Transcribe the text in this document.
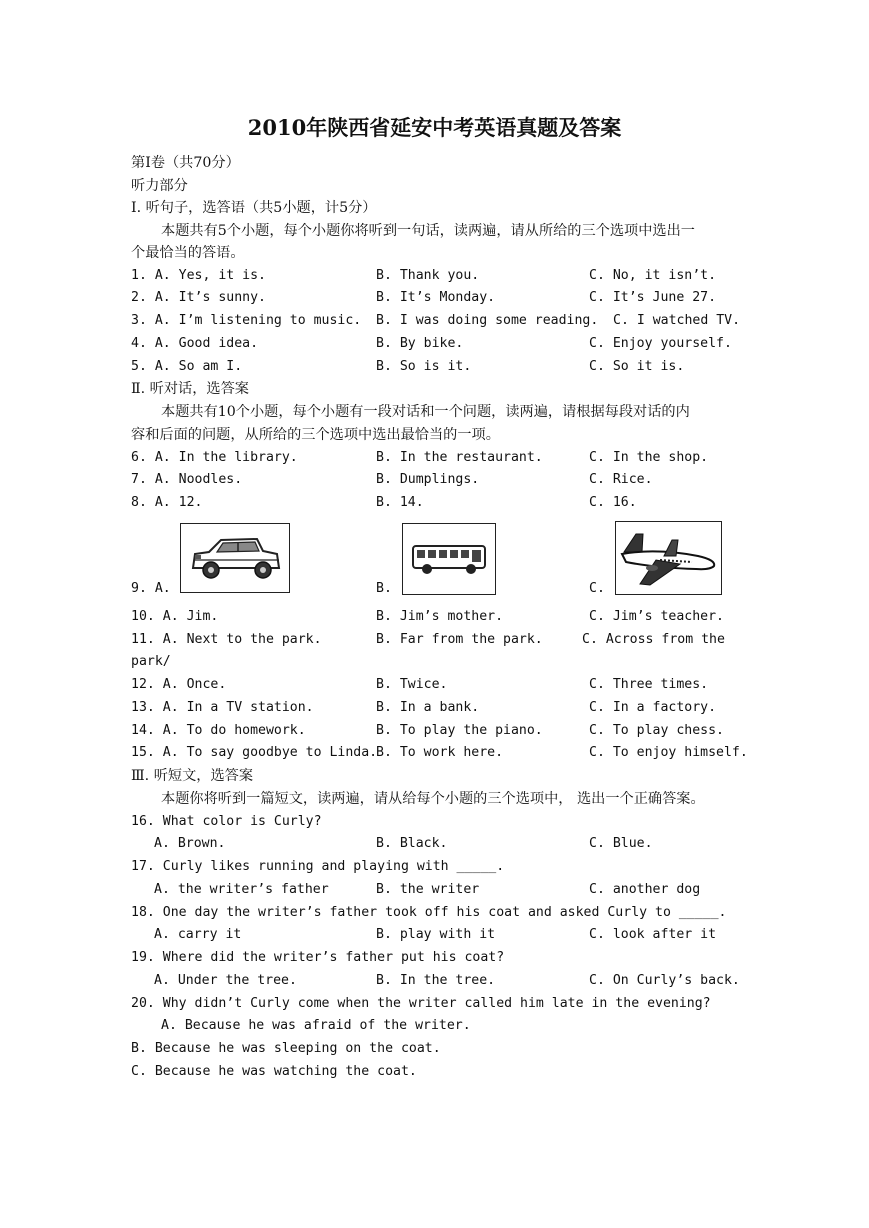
2010年陕西省延安中考英语真题及答案
第Ⅰ卷（共70分）
听力部分
Ⅰ. 听句子，选答语（共5小题，计5分）
本题共有5个小题，每个小题你将听到一句话，读两遍，请从所给的三个选项中选出一
个最恰当的答语。
1. A. Yes, it is.	B. Thank you.	C. No, it isn’t.
2. A. It’s sunny.	B. It’s Monday.	C. It’s June 27.
3. A. I’m listening to music. B. I was doing some reading. C. I watched TV.
4. A. Good idea.	B. By bike.	C. Enjoy yourself.
5. A. So am I.	B. So is it.	C. So it is.
Ⅱ. 听对话，选答案
本题共有10个小题，每个小题有一段对话和一个问题，读两遍，请根据每段对话的内
容和后面的问题，从所给的三个选项中选出最恰当的一项。
6. A. In the library.	B. In the restaurant.	C. In the shop.
7. A. Noodles.	B. Dumplings.	C. Rice.
8. A. 12.	B. 14.	C. 16.
9. A.	B.	C.
10. A. Jim.	B. Jim’s mother.	C. Jim’s teacher.
11. A. Next to the park.	B. Far from the park.	C. Across from the
park/
12. A. Once.	B. Twice.	C. Three times.
13. A. In a TV station.	B. In a bank.	C. In a factory.
14. A. To do homework.	B. To play the piano.	C. To play chess.
15. A. To say goodbye to Linda.
B. To work here.	C. To enjoy himself.
Ⅲ. 听短文，选答案
本题你将听到一篇短文，读两遍，请从给每个小题的三个选项中， 选出一个正确答案。
16. What color is Curly?
A. Brown.	B. Black.	C. Blue.
17. Curly likes running and playing with _____.
A. the writer’s father	B. the writer	C. another dog
18. One day the writer’s father took off his coat and asked Curly to _____.
A. carry it	B. play with it	C. look after it
19. Where did the writer’s father put his coat?
A. Under the tree.	B. In the tree.	C. On Curly’s back.
20. Why didn’t Curly come when the writer called him late in the evening?
A. Because he was afraid of the writer.
B. Because he was sleeping on the coat.
C. Because he was watching the coat.
